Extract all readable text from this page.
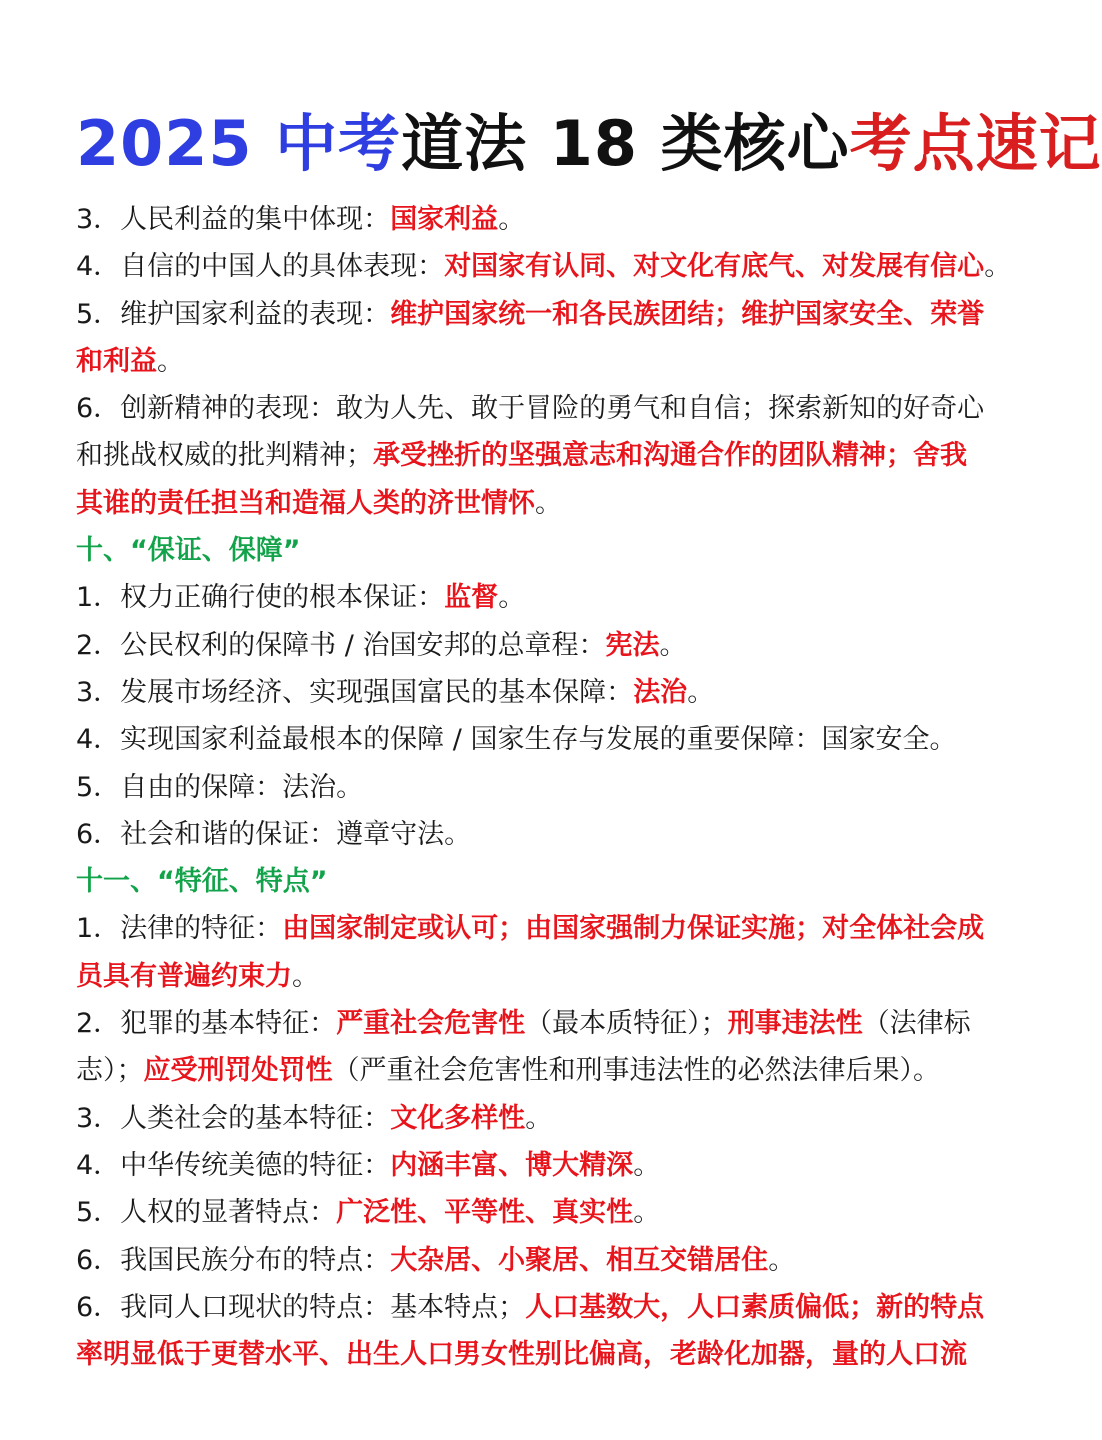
2025 中考道法 18 类核心考点速记
3．人民利益的集中体现：国家利益。
4．自信的中国人的具体表现：对国家有认同、对文化有底气、对发展有信心。
5．维护国家利益的表现：维护国家统一和各民族团结；维护国家安全、荣誉
和利益。
6．创新精神的表现：敢为人先、敢于冒险的勇气和自信；探索新知的好奇心
和挑战权威的批判精神；承受挫折的坚强意志和沟通合作的团队精神；舍我
其谁的责任担当和造福人类的济世情怀。
十、“保证、保障”
1．权力正确行使的根本保证：监督。
2．公民权利的保障书 / 治国安邦的总章程：宪法。
3．发展市场经济、实现强国富民的基本保障：法治。
4．实现国家利益最根本的保障 / 国家生存与发展的重要保障：国家安全。
5．自由的保障：法治。
6．社会和谐的保证：遵章守法。
十一、“特征、特点”
1．法律的特征：由国家制定或认可；由国家强制力保证实施；对全体社会成
员具有普遍约束力。
2．犯罪的基本特征：严重社会危害性（最本质特征）；刑事违法性（法律标
志）；应受刑罚处罚性（严重社会危害性和刑事违法性的必然法律后果）。
3．人类社会的基本特征：文化多样性。
4．中华传统美德的特征：内涵丰富、博大精深。
5．人权的显著特点：广泛性、平等性、真实性。
6．我国民族分布的特点：大杂居、小聚居、相互交错居住。
6．我同人口现状的特点：基本特点；人口基数大，人口素质偏低；新的特点
率明显低于更替水平、出生人口男女性别比偏高，老龄化加器，量的人口流
